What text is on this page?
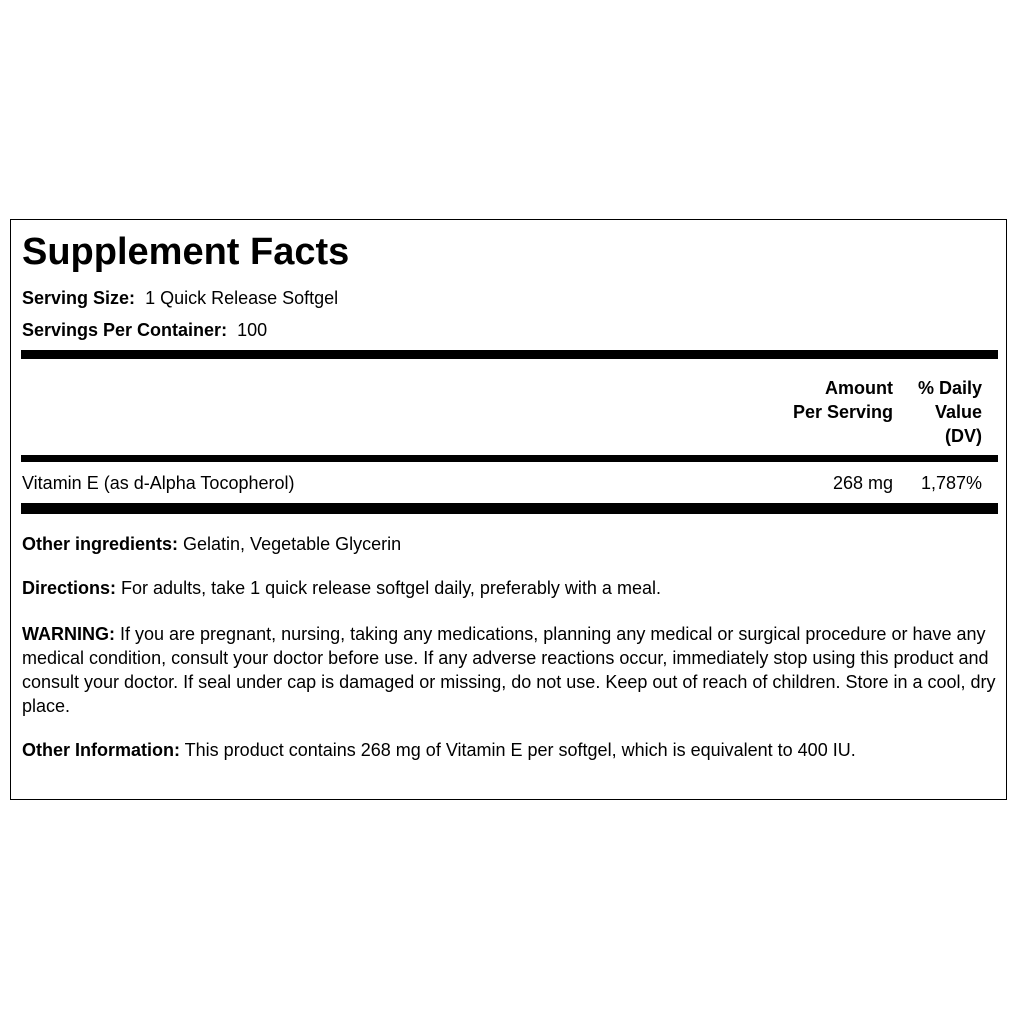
Supplement Facts
Serving Size: 1 Quick Release Softgel
Servings Per Container: 100
Amount
Per Serving
% Daily
Value
(DV)
Vitamin E (as d-Alpha Tocopherol)	268 mg 1,787%

Other ingredients: Gelatin, Vegetable Glycerin

Directions: For adults, take 1 quick release softgel daily, preferably with a meal.

WARNING: If you are pregnant, nursing, taking any medications, planning any medical or surgical procedure or have any medical condition, consult your doctor before use. If any adverse reactions occur, immediately stop using this product and consult your doctor. If seal under cap is damaged or missing, do not use. Keep out of reach of children. Store in a cool, dry place.

Other Information: This product contains 268 mg of Vitamin E per softgel, which is equivalent to 400 IU.
